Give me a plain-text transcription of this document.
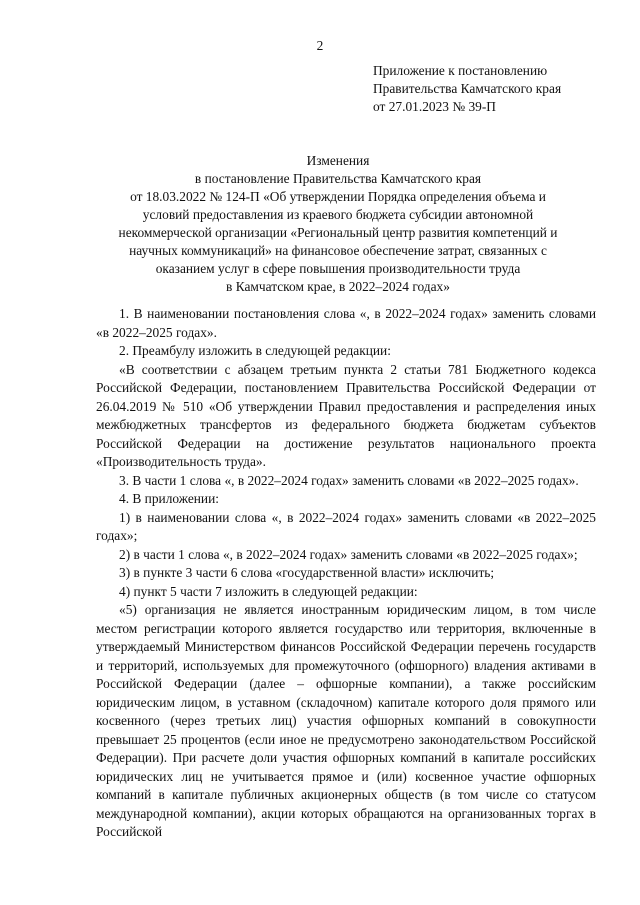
2
Приложение к постановлению
Правительства Камчатского края
от 27.01.2023 № 39-П
Изменения
в постановление Правительства Камчатского края
от 18.03.2022 № 124-П «Об утверждении Порядка определения объема и
условий предоставления из краевого бюджета субсидии автономной
некоммерческой организации «Региональный центр развития компетенций и
научных коммуникаций» на финансовое обеспечение затрат, связанных с
оказанием услуг в сфере повышения производительности труда
в Камчатском крае, в 2022–2024 годах»

1. В наименовании постановления слова «, в 2022–2024 годах» заменить словами «в 2022–2025 годах».

2. Преамбулу изложить в следующей редакции:

«В соответствии с абзацем третьим пункта 2 статьи 781 Бюджетного кодекса Российской Федерации, постановлением Правительства Российской Федерации от 26.04.2019 № 510 «Об утверждении Правил предоставления и распределения иных межбюджетных трансфертов из федерального бюджета бюджетам субъектов Российской Федерации на достижение результатов национального проекта «Производительность труда».

3. В части 1 слова «, в 2022–2024 годах» заменить словами «в 2022–2025 годах».

4. В приложении:

1) в наименовании слова «, в 2022–2024 годах» заменить словами «в 2022–2025 годах»;

2) в части 1 слова «, в 2022–2024 годах» заменить словами «в 2022–2025 годах»;

3) в пункте 3 части 6 слова «государственной власти» исключить;

4) пункт 5 части 7 изложить в следующей редакции:

«5) организация не является иностранным юридическим лицом, в том числе местом регистрации которого является государство или территория, включенные в утверждаемый Министерством финансов Российской Федерации перечень государств и территорий, используемых для промежуточного (офшорного) владения активами в Российской Федерации (далее – офшорные компании), а также российским юридическим лицом, в уставном (складочном) капитале которого доля прямого или косвенного (через третьих лиц) участия офшорных компаний в совокупности превышает 25 процентов (если иное не предусмотрено законодательством Российской Федерации). При расчете доли участия офшорных компаний в капитале российских юридических лиц не учитывается прямое и (или) косвенное участие офшорных компаний в капитале публичных акционерных обществ (в том числе со статусом международной компании), акции которых обращаются на организованных торгах в Российской
